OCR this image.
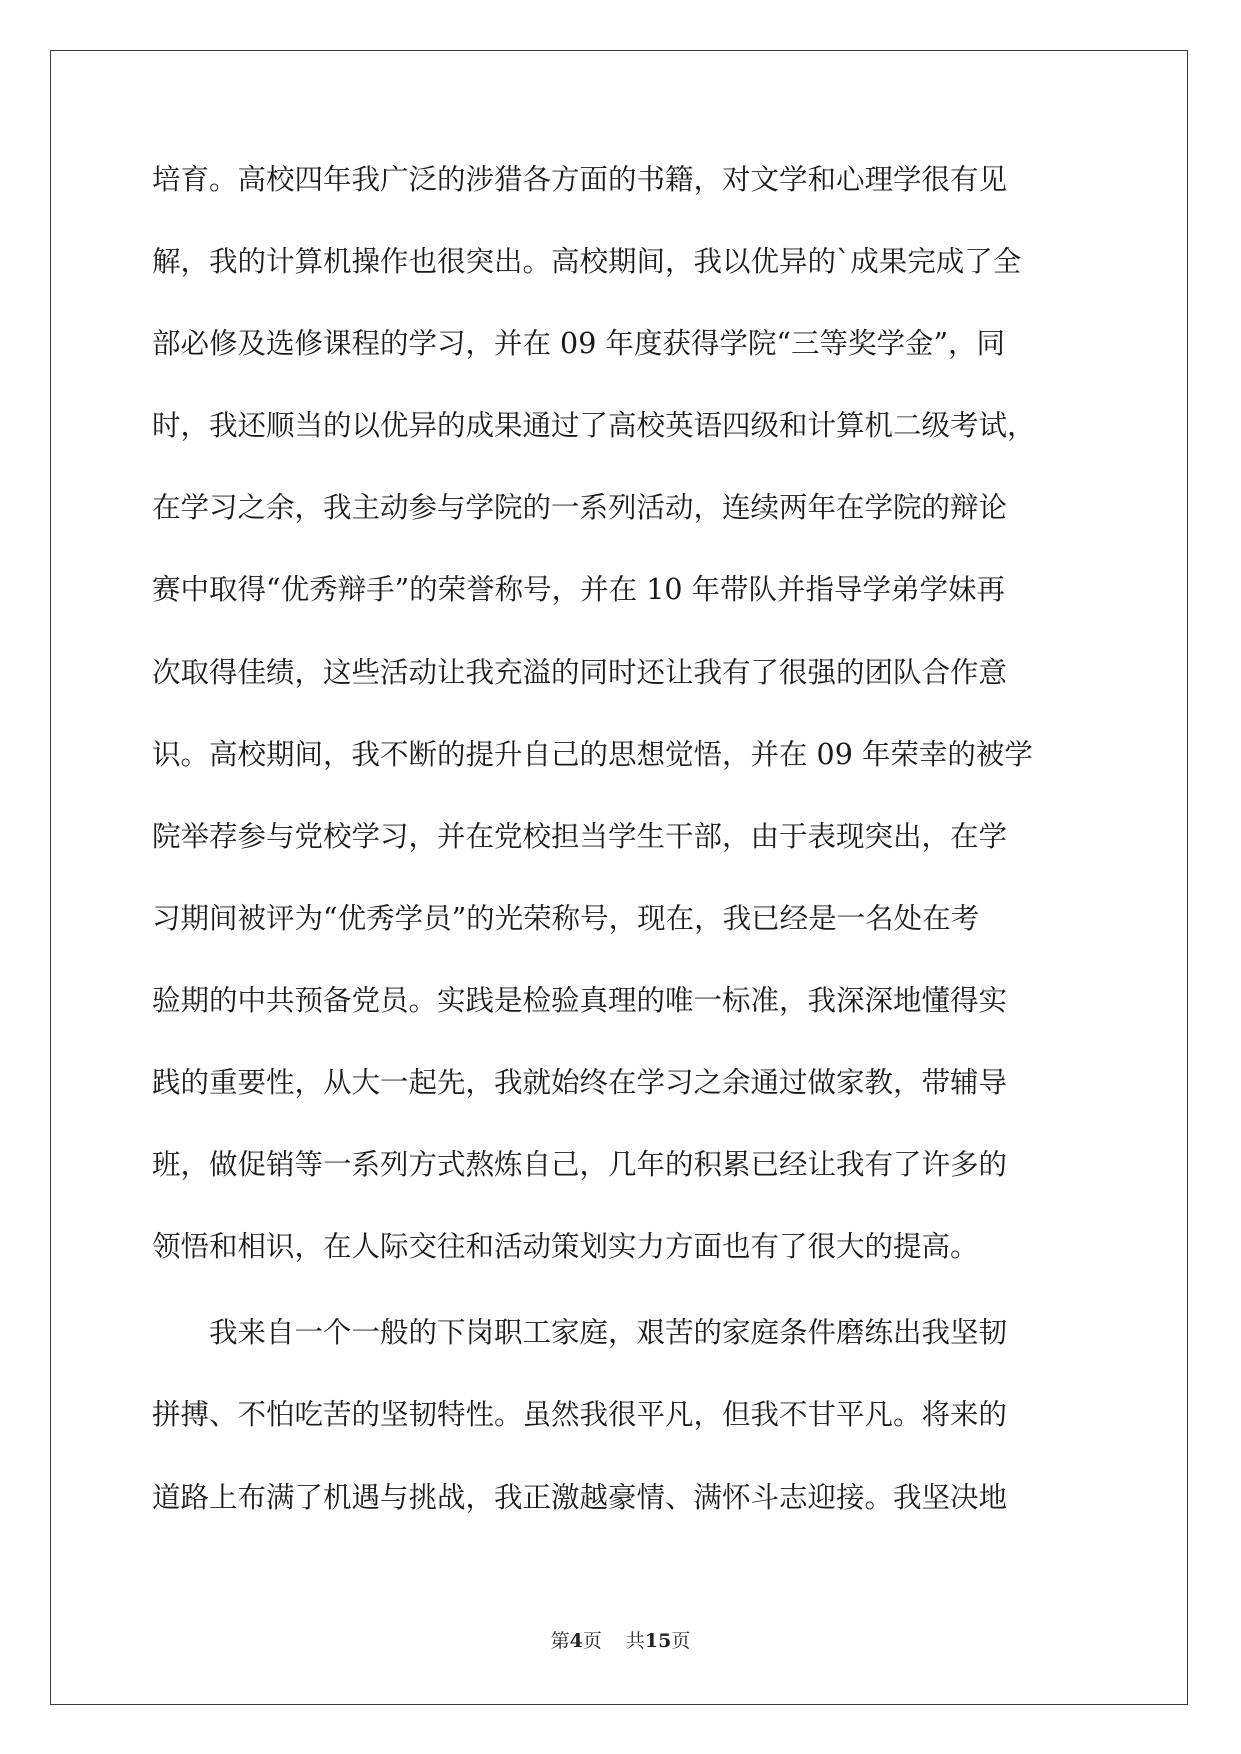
培育。高校四年我广泛的涉猎各方面的书籍，对文学和心理学很有见
解，我的计算机操作也很突出。高校期间，我以优异的`成果完成了全
部必修及选修课程的学习，并在 09 年度获得学院“三等奖学金”，同
时，我还顺当的以优异的成果通过了高校英语四级和计算机二级考试，
在学习之余，我主动参与学院的一系列活动，连续两年在学院的辩论
赛中取得“优秀辩手”的荣誉称号，并在 10 年带队并指导学弟学妹再
次取得佳绩，这些活动让我充溢的同时还让我有了很强的团队合作意
识。高校期间，我不断的提升自己的思想觉悟，并在 09 年荣幸的被学
院举荐参与党校学习，并在党校担当学生干部，由于表现突出，在学
习期间被评为“优秀学员”的光荣称号，现在，我已经是一名处在考
验期的中共预备党员。实践是检验真理的唯一标准，我深深地懂得实
践的重要性，从大一起先，我就始终在学习之余通过做家教，带辅导
班，做促销等一系列方式熬炼自己，几年的积累已经让我有了许多的
领悟和相识，在人际交往和活动策划实力方面也有了很大的提高。
我来自一个一般的下岗职工家庭，艰苦的家庭条件磨练出我坚韧
拼搏、不怕吃苦的坚韧特性。虽然我很平凡，但我不甘平凡。将来的
道路上布满了机遇与挑战，我正激越豪情、满怀斗志迎接。我坚决地
第4页 共15页
